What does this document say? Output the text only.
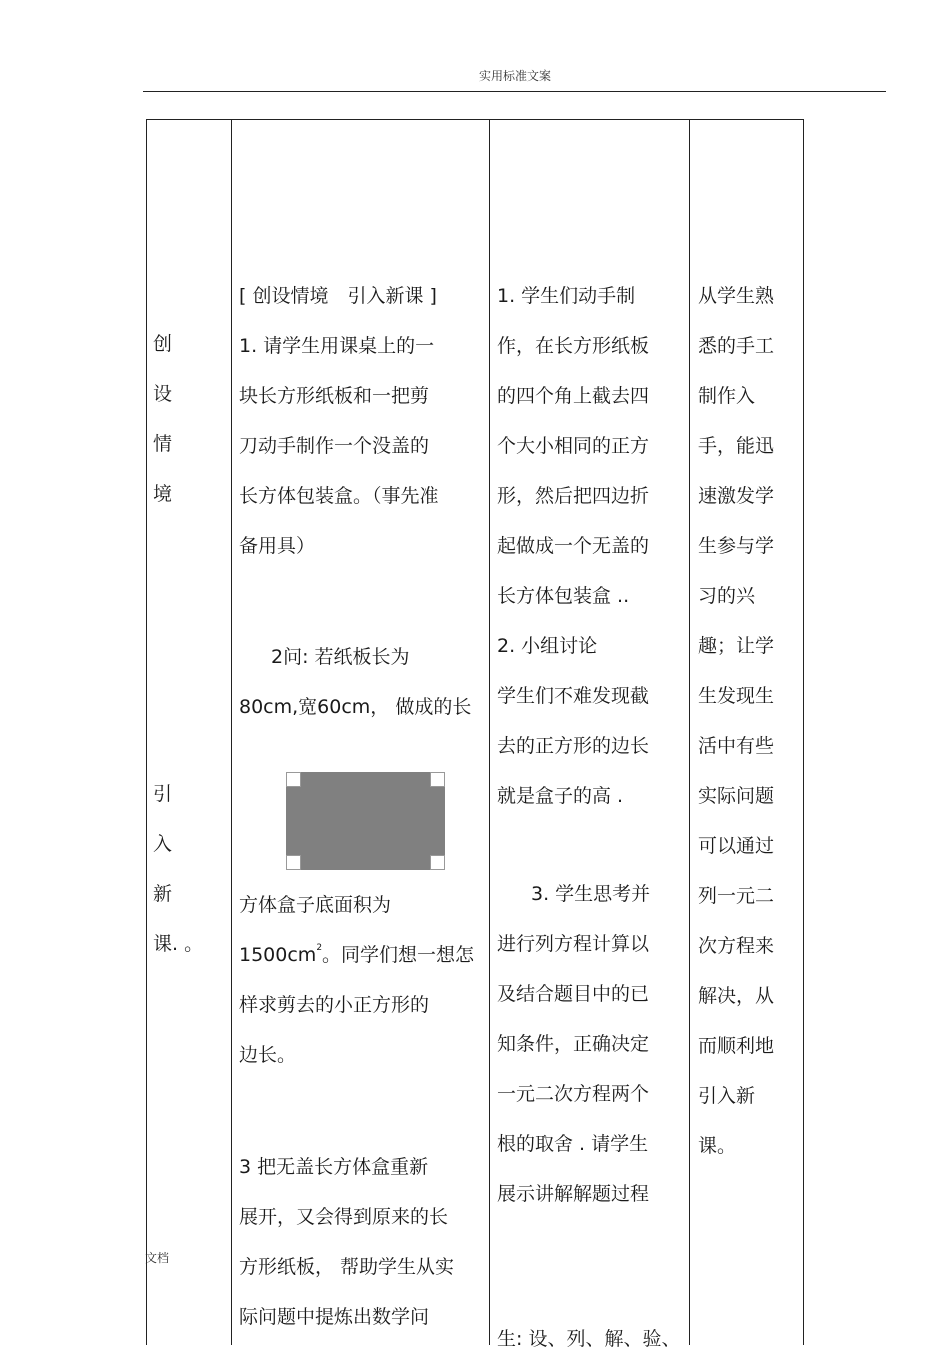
实用标准文案
创
设
情
境
引
入
新
课. 。
[ 创设情境　引入新课 ]
1. 请学生用课桌上的一
块长方形纸板和一把剪
刀动手制作一个没盖的
长方体包装盒。（事先准
备用具）
2问: 若纸板长为
80cm,宽60cm， 做成的长
方体盒子底面积为
$1500cm^2$。同学们想一想怎
样求剪去的小正方形的
边长。
3 把无盖长方体盒重新
展开，又会得到原来的长
方形纸板， 帮助学生从实
际问题中提炼出数学问
1. 学生们动手制
作，在长方形纸板
的四个角上截去四
个大小相同的正方
形，然后把四边折
起做成一个无盖的
长方体包装盒 ..
2. 小组讨论
学生们不难发现截
去的正方形的边长
就是盒子的高 .
3. 学生思考并
进行列方程计算以
及结合题目中的已
知条件，正确决定
一元二次方程两个
根的取舍 . 请学生
展示讲解解题过程
生: 设、列、解、验、
从学生熟
悉的手工
制作入
手，能迅
速激发学
生参与学
习的兴
趣；让学
生发现生
活中有些
实际问题
可以通过
列一元二
次方程来
解决，从
而顺利地
引入新
课。
文档
